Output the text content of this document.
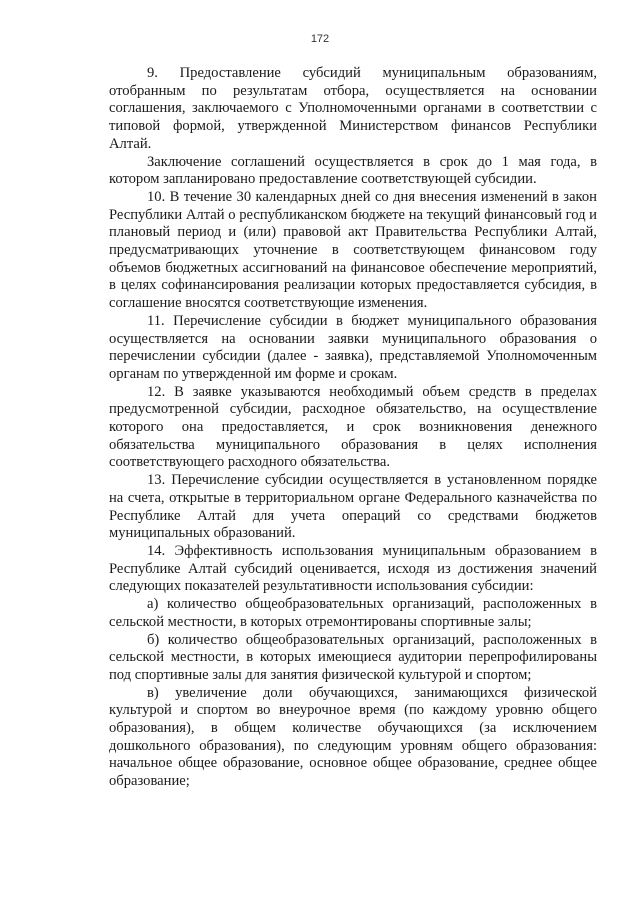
172

9. Предоставление субсидий муниципальным образованиям, отобранным по результатам отбора, осуществляется на основании соглашения, заключаемого с Уполномоченными органами в соответствии с типовой формой, утвержденной Министерством финансов Республики Алтай.

Заключение соглашений осуществляется в срок до 1 мая года, в котором запланировано предоставление соответствующей субсидии.

10. В течение 30 календарных дней со дня внесения изменений в закон Республики Алтай о республиканском бюджете на текущий финансовый год и плановый период и (или) правовой акт Правительства Республики Алтай, предусматривающих уточнение в соответствующем финансовом году объемов бюджетных ассигнований на финансовое обеспечение мероприятий, в целях софинансирования реализации которых предоставляется субсидия, в соглашение вносятся соответствующие изменения.

11. Перечисление субсидии в бюджет муниципального образования осуществляется на основании заявки муниципального образования о перечислении субсидии (далее - заявка), представляемой Уполномоченным органам по утвержденной им форме и срокам.

12. В заявке указываются необходимый объем средств в пределах предусмотренной субсидии, расходное обязательство, на осуществление которого она предоставляется, и срок возникновения денежного обязательства муниципального образования в целях исполнения соответствующего расходного обязательства.

13. Перечисление субсидии осуществляется в установленном порядке на счета, открытые в территориальном органе Федерального казначейства по Республике Алтай для учета операций со средствами бюджетов муниципальных образований.

14. Эффективность использования муниципальным образованием в Республике Алтай субсидий оценивается, исходя из достижения значений следующих показателей результативности использования субсидии:

а) количество общеобразовательных организаций, расположенных в сельской местности, в которых отремонтированы спортивные залы;

б) количество общеобразовательных организаций, расположенных в сельской местности, в которых имеющиеся аудитории перепрофилированы под спортивные залы для занятия физической культурой и спортом;

в) увеличение доли обучающихся, занимающихся физической культурой и спортом во внеурочное время (по каждому уровню общего образования), в общем количестве обучающихся (за исключением дошкольного образования), по следующим уровням общего образования: начальное общее образование, основное общее образование, среднее общее образование;
